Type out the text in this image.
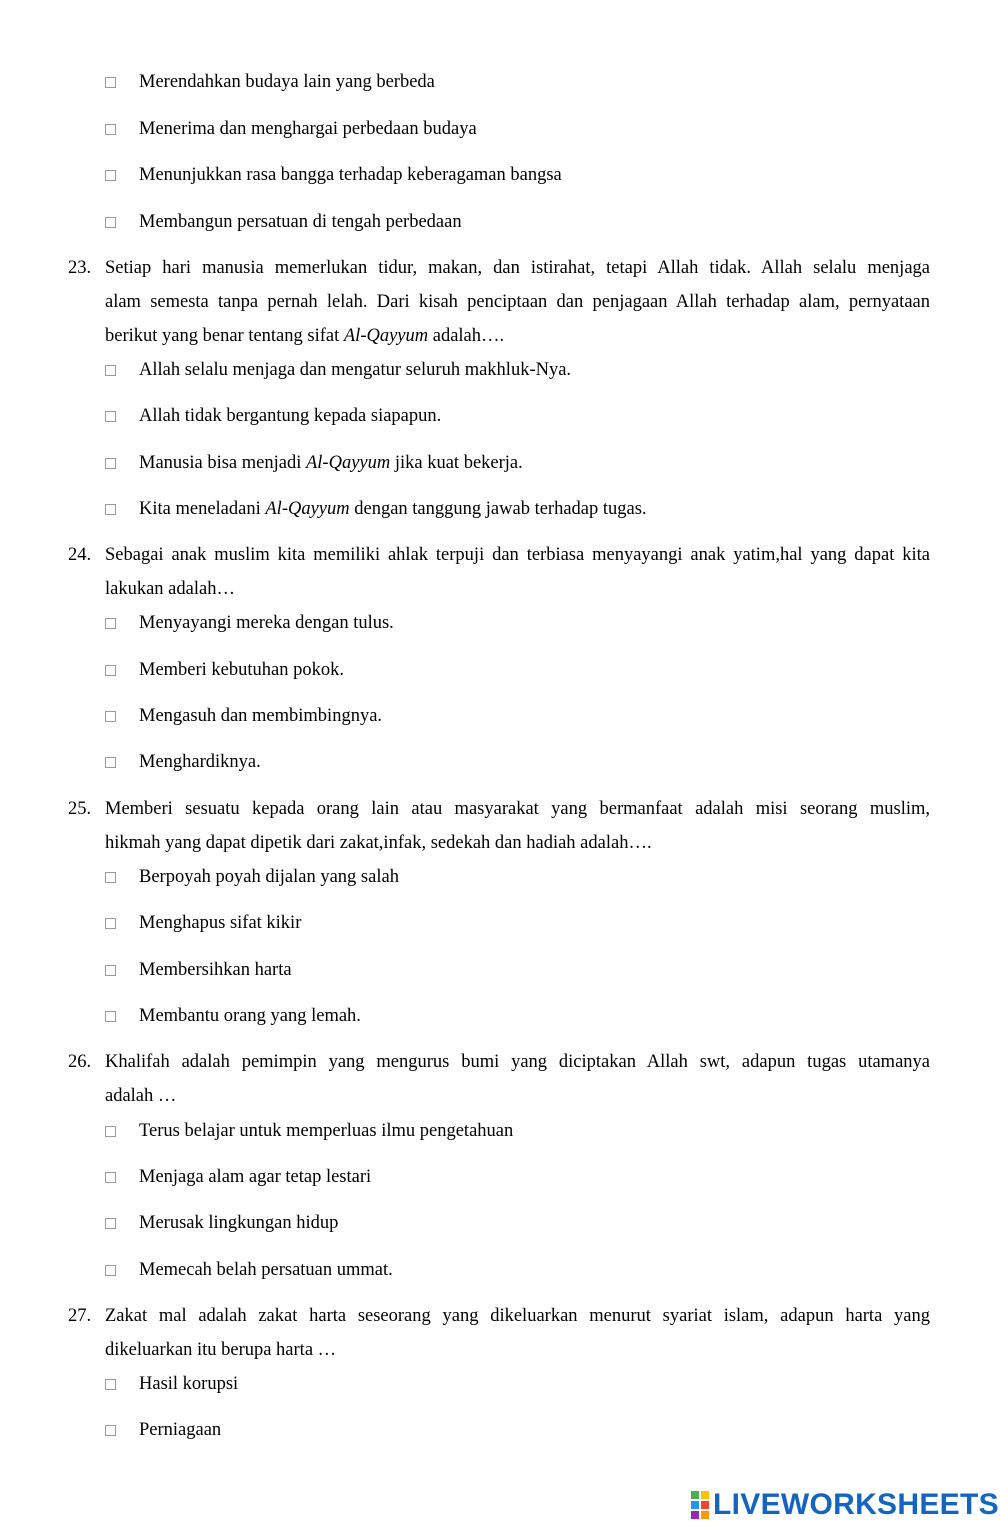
Merendahkan budaya lain yang berbeda
Menerima dan menghargai perbedaan budaya
Menunjukkan rasa bangga terhadap keberagaman bangsa
Membangun persatuan di tengah perbedaan
23. Setiap hari manusia memerlukan tidur, makan, dan istirahat, tetapi Allah tidak. Allah selalu menjaga
alam semesta tanpa pernah lelah. Dari kisah penciptaan dan penjagaan Allah terhadap alam, pernyataan
berikut yang benar tentang sifat Al-Qayyum adalah….
Allah selalu menjaga dan mengatur seluruh makhluk-Nya.
Allah tidak bergantung kepada siapapun.
Manusia bisa menjadi Al-Qayyum jika kuat bekerja.
Kita meneladani Al-Qayyum dengan tanggung jawab terhadap tugas.
24. Sebagai anak muslim kita memiliki ahlak terpuji dan terbiasa menyayangi anak yatim,hal yang dapat kita
lakukan adalah…
Menyayangi mereka dengan tulus.
Memberi kebutuhan pokok.
Mengasuh dan membimbingnya.
Menghardiknya.
25. Memberi sesuatu kepada orang lain atau masyarakat yang bermanfaat adalah misi seorang muslim,
hikmah yang dapat dipetik dari zakat,infak, sedekah dan hadiah adalah….
Berpoyah poyah dijalan yang salah
Menghapus sifat kikir
Membersihkan harta
Membantu orang yang lemah.
26. Khalifah adalah pemimpin yang mengurus bumi yang diciptakan Allah swt, adapun tugas utamanya
adalah …
Terus belajar untuk memperluas ilmu pengetahuan
Menjaga alam agar tetap lestari
Merusak lingkungan hidup
Memecah belah persatuan ummat.
27. Zakat mal adalah zakat harta seseorang yang dikeluarkan menurut syariat islam, adapun harta yang
dikeluarkan itu berupa harta …
Hasil korupsi
Perniagaan
LIVEWORKSHEETS
